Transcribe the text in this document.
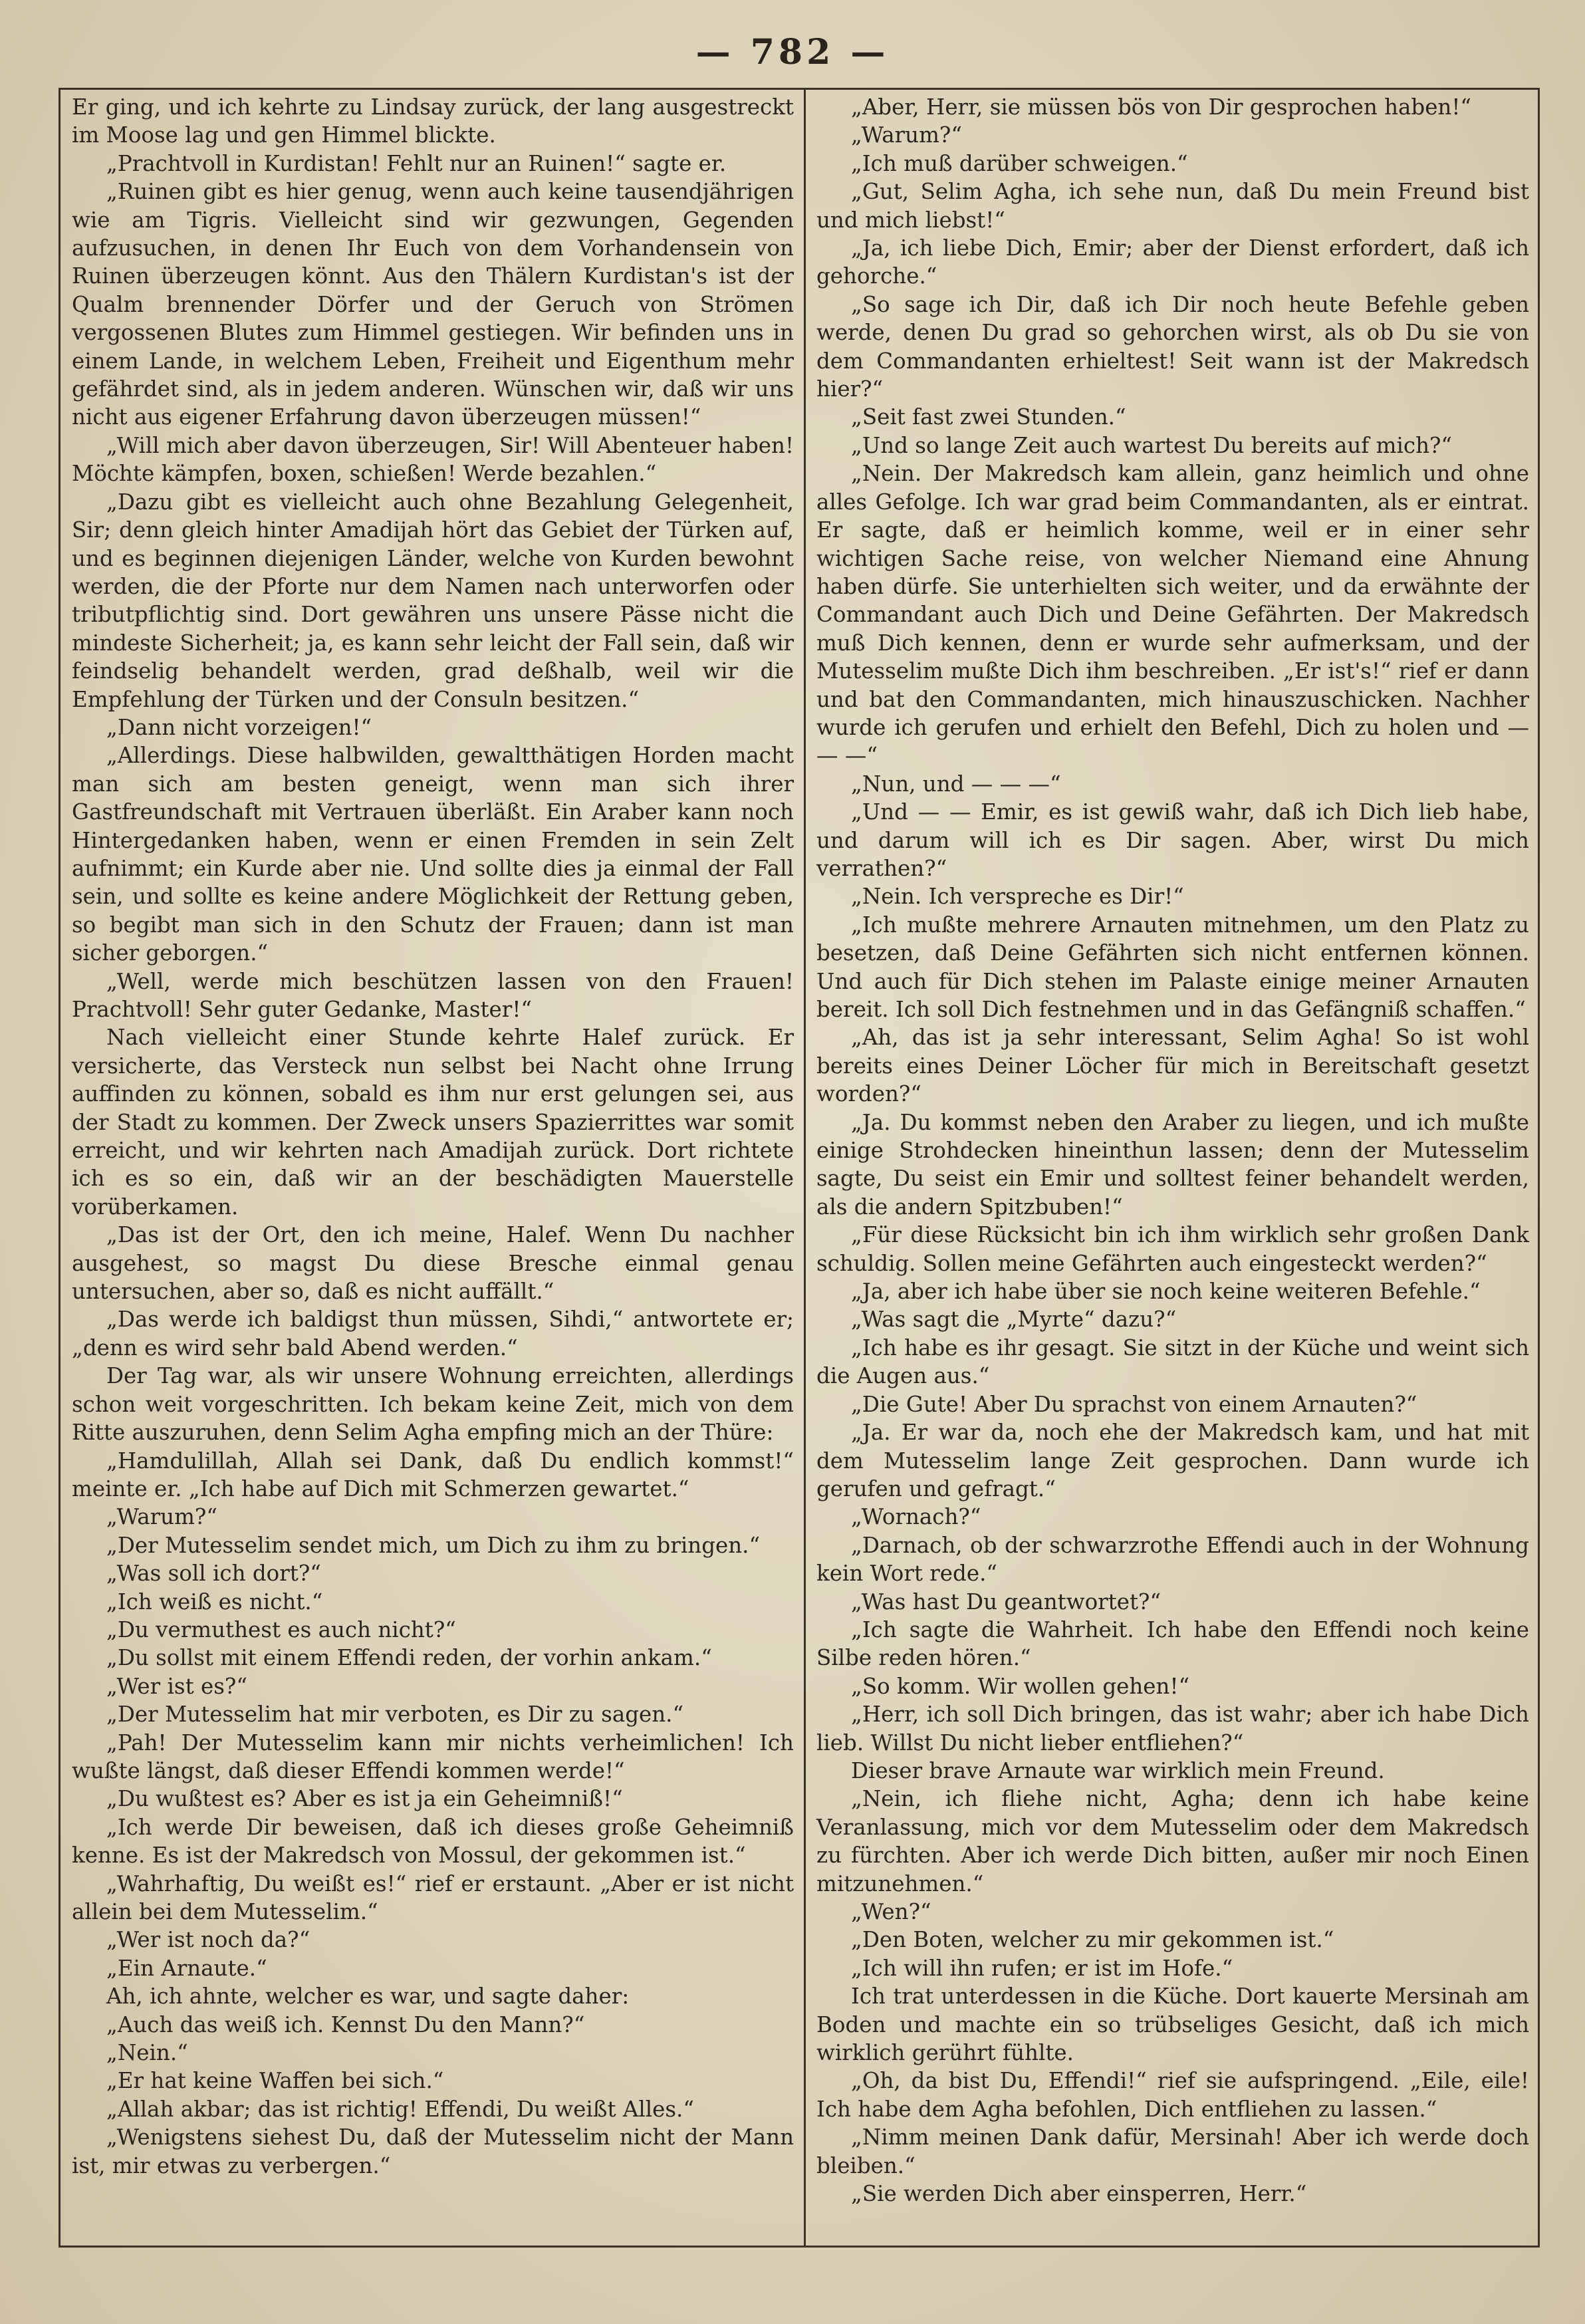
— 782 —

Er ging, und ich kehrte zu Lindsay zurück, der lang ausgestreckt im Moose lag und gen Himmel blickte.

„Prachtvoll in Kurdistan! Fehlt nur an Ruinen!“ sagte er.

„Ruinen gibt es hier genug, wenn auch keine tausendjährigen wie am Tigris. Vielleicht sind wir gezwungen, Gegenden aufzusuchen, in denen Ihr Euch von dem Vorhandensein von Ruinen überzeugen könnt. Aus den Thälern Kurdistan's ist der Qualm brennender Dörfer und der Geruch von Strömen vergossenen Blutes zum Himmel gestiegen. Wir befinden uns in einem Lande, in welchem Leben, Freiheit und Eigenthum mehr gefährdet sind, als in jedem anderen. Wünschen wir, daß wir uns nicht aus eigener Erfahrung davon überzeugen müssen!“

„Will mich aber davon überzeugen, Sir! Will Abenteuer haben! Möchte kämpfen, boxen, schießen! Werde bezahlen.“

„Dazu gibt es vielleicht auch ohne Bezahlung Gelegenheit, Sir; denn gleich hinter Amadijah hört das Gebiet der Türken auf, und es beginnen diejenigen Länder, welche von Kurden bewohnt werden, die der Pforte nur dem Namen nach unterworfen oder tributpflichtig sind. Dort gewähren uns unsere Pässe nicht die mindeste Sicherheit; ja, es kann sehr leicht der Fall sein, daß wir feindselig behandelt werden, grad deßhalb, weil wir die Empfehlung der Türken und der Consuln besitzen.“

„Dann nicht vorzeigen!“

„Allerdings. Diese halbwilden, gewaltthätigen Horden macht man sich am besten geneigt, wenn man sich ihrer Gastfreundschaft mit Vertrauen überläßt. Ein Araber kann noch Hintergedanken haben, wenn er einen Fremden in sein Zelt aufnimmt; ein Kurde aber nie. Und sollte dies ja einmal der Fall sein, und sollte es keine andere Möglichkeit der Rettung geben, so begibt man sich in den Schutz der Frauen; dann ist man sicher geborgen.“

„Well, werde mich beschützen lassen von den Frauen! Prachtvoll! Sehr guter Gedanke, Master!“

Nach vielleicht einer Stunde kehrte Halef zurück. Er versicherte, das Versteck nun selbst bei Nacht ohne Irrung auffinden zu können, sobald es ihm nur erst gelungen sei, aus der Stadt zu kommen. Der Zweck unsers Spazierrittes war somit erreicht, und wir kehrten nach Amadijah zurück. Dort richtete ich es so ein, daß wir an der beschädigten Mauerstelle vorüberkamen.

„Das ist der Ort, den ich meine, Halef. Wenn Du nachher ausgehest, so magst Du diese Bresche einmal genau untersuchen, aber so, daß es nicht auffällt.“

„Das werde ich baldigst thun müssen, Sihdi,“ antwortete er; „denn es wird sehr bald Abend werden.“

Der Tag war, als wir unsere Wohnung erreichten, allerdings schon weit vorgeschritten. Ich bekam keine Zeit, mich von dem Ritte auszuruhen, denn Selim Agha empfing mich an der Thüre:

„Hamdulillah, Allah sei Dank, daß Du endlich kommst!“ meinte er. „Ich habe auf Dich mit Schmerzen gewartet.“

„Warum?“

„Der Mutesselim sendet mich, um Dich zu ihm zu bringen.“

„Was soll ich dort?“

„Ich weiß es nicht.“

„Du vermuthest es auch nicht?“

„Du sollst mit einem Effendi reden, der vorhin ankam.“

„Wer ist es?“

„Der Mutesselim hat mir verboten, es Dir zu sagen.“

„Pah! Der Mutesselim kann mir nichts verheimlichen! Ich wußte längst, daß dieser Effendi kommen werde!“

„Du wußtest es? Aber es ist ja ein Geheimniß!“

„Ich werde Dir beweisen, daß ich dieses große Geheimniß kenne. Es ist der Makredsch von Mossul, der gekommen ist.“

„Wahrhaftig, Du weißt es!“ rief er erstaunt. „Aber er ist nicht allein bei dem Mutesselim.“

„Wer ist noch da?“

„Ein Arnaute.“

Ah, ich ahnte, welcher es war, und sagte daher:

„Auch das weiß ich. Kennst Du den Mann?“

„Nein.“

„Er hat keine Waffen bei sich.“

„Allah akbar; das ist richtig! Effendi, Du weißt Alles.“

„Wenigstens siehest Du, daß der Mutesselim nicht der Mann ist, mir etwas zu verbergen.“

„Aber, Herr, sie müssen bös von Dir gesprochen haben!“

„Warum?“

„Ich muß darüber schweigen.“

„Gut, Selim Agha, ich sehe nun, daß Du mein Freund bist und mich liebst!“

„Ja, ich liebe Dich, Emir; aber der Dienst erfordert, daß ich gehorche.“

„So sage ich Dir, daß ich Dir noch heute Befehle geben werde, denen Du grad so gehorchen wirst, als ob Du sie von dem Commandanten erhieltest! Seit wann ist der Makredsch hier?“

„Seit fast zwei Stunden.“

„Und so lange Zeit auch wartest Du bereits auf mich?“

„Nein. Der Makredsch kam allein, ganz heimlich und ohne alles Gefolge. Ich war grad beim Commandanten, als er eintrat. Er sagte, daß er heimlich komme, weil er in einer sehr wichtigen Sache reise, von welcher Niemand eine Ahnung haben dürfe. Sie unterhielten sich weiter, und da erwähnte der Commandant auch Dich und Deine Gefährten. Der Makredsch muß Dich kennen, denn er wurde sehr aufmerksam, und der Mutesselim mußte Dich ihm beschreiben. „Er ist's!“ rief er dann und bat den Commandanten, mich hinauszuschicken. Nachher wurde ich gerufen und erhielt den Befehl, Dich zu holen und — — —“

„Nun, und — — —“

„Und — — Emir, es ist gewiß wahr, daß ich Dich lieb habe, und darum will ich es Dir sagen. Aber, wirst Du mich verrathen?“

„Nein. Ich verspreche es Dir!“

„Ich mußte mehrere Arnauten mitnehmen, um den Platz zu besetzen, daß Deine Gefährten sich nicht entfernen können. Und auch für Dich stehen im Palaste einige meiner Arnauten bereit. Ich soll Dich festnehmen und in das Gefängniß schaffen.“

„Ah, das ist ja sehr interessant, Selim Agha! So ist wohl bereits eines Deiner Löcher für mich in Bereitschaft gesetzt worden?“

„Ja. Du kommst neben den Araber zu liegen, und ich mußte einige Strohdecken hineinthun lassen; denn der Mutesselim sagte, Du seist ein Emir und solltest feiner behandelt werden, als die andern Spitzbuben!“

„Für diese Rücksicht bin ich ihm wirklich sehr großen Dank schuldig. Sollen meine Gefährten auch eingesteckt werden?“

„Ja, aber ich habe über sie noch keine weiteren Befehle.“

„Was sagt die „Myrte“ dazu?“

„Ich habe es ihr gesagt. Sie sitzt in der Küche und weint sich die Augen aus.“

„Die Gute! Aber Du sprachst von einem Arnauten?“

„Ja. Er war da, noch ehe der Makredsch kam, und hat mit dem Mutesselim lange Zeit gesprochen. Dann wurde ich gerufen und gefragt.“

„Wornach?“

„Darnach, ob der schwarzrothe Effendi auch in der Wohnung kein Wort rede.“

„Was hast Du geantwortet?“

„Ich sagte die Wahrheit. Ich habe den Effendi noch keine Silbe reden hören.“

„So komm. Wir wollen gehen!“

„Herr, ich soll Dich bringen, das ist wahr; aber ich habe Dich lieb. Willst Du nicht lieber entfliehen?“

Dieser brave Arnaute war wirklich mein Freund.

„Nein, ich fliehe nicht, Agha; denn ich habe keine Veranlassung, mich vor dem Mutesselim oder dem Makredsch zu fürchten. Aber ich werde Dich bitten, außer mir noch Einen mitzunehmen.“

„Wen?“

„Den Boten, welcher zu mir gekommen ist.“

„Ich will ihn rufen; er ist im Hofe.“

Ich trat unterdessen in die Küche. Dort kauerte Mersinah am Boden und machte ein so trübseliges Gesicht, daß ich mich wirklich gerührt fühlte.

„Oh, da bist Du, Effendi!“ rief sie aufspringend. „Eile, eile! Ich habe dem Agha befohlen, Dich entfliehen zu lassen.“

„Nimm meinen Dank dafür, Mersinah! Aber ich werde doch bleiben.“

„Sie werden Dich aber einsperren, Herr.“
